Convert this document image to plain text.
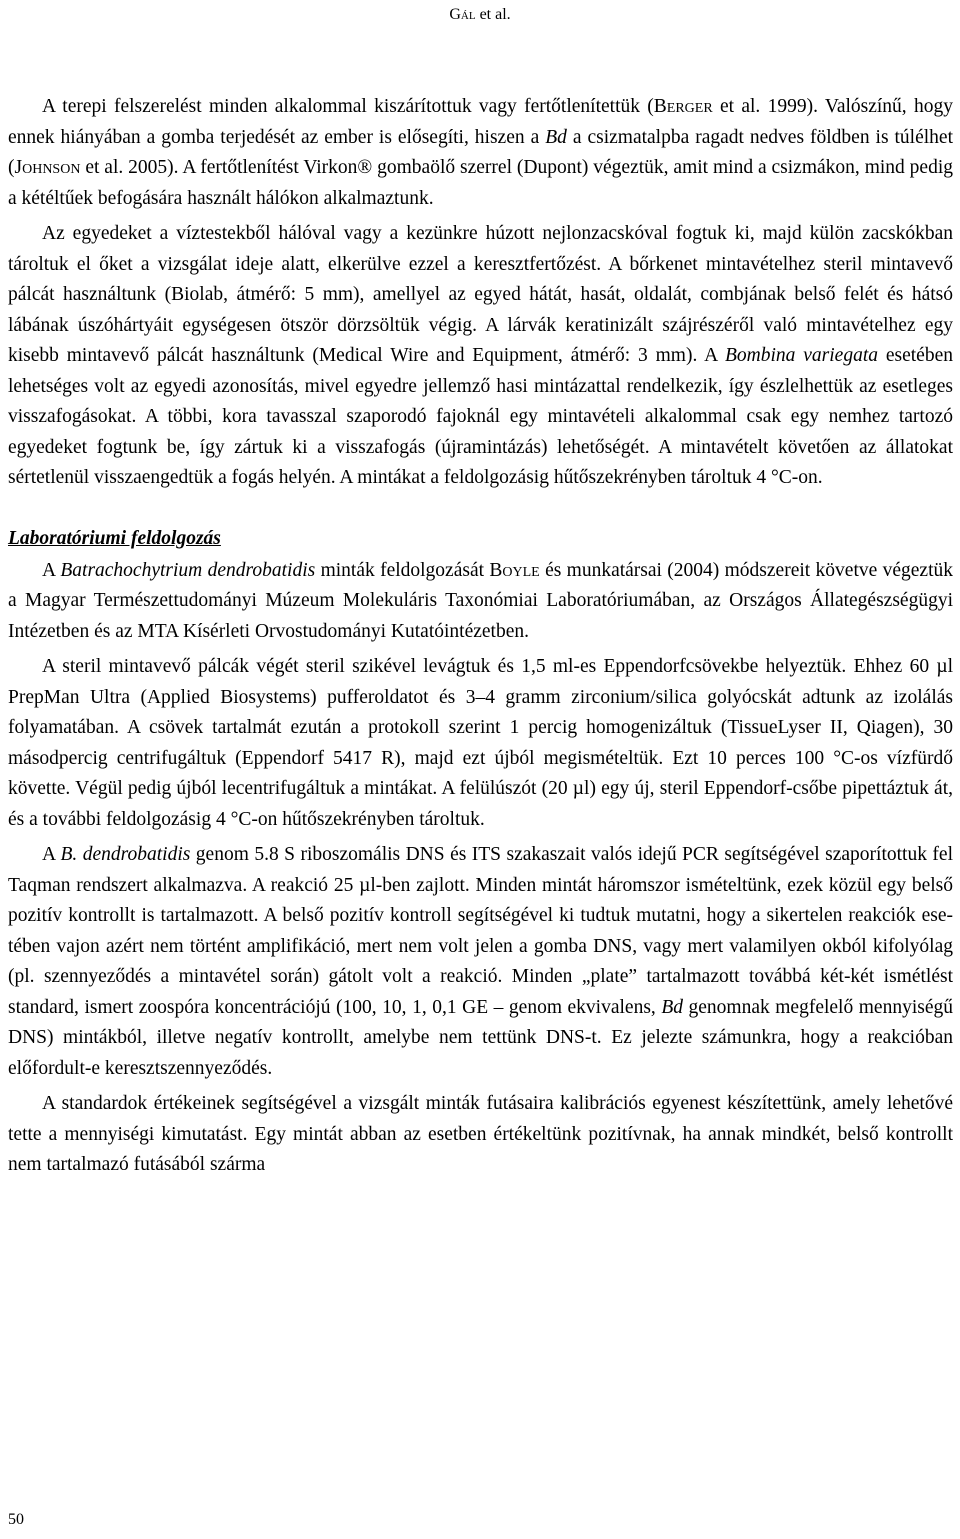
Gál et al.

A terepi felszerelést minden alkalommal kiszárítottuk vagy fertőtlenítettük (Berger et al. 1999). Valószínű, hogy ennek hiányában a gomba terjedését az ember is elősegíti, hiszen a Bd a csizmatalpba ragadt nedves földben is túlélhet (Johnson et al. 2005). A fertőtlenítést Virkon® gombaölő szerrel (Dupont) végeztük, amit mind a csizmákon, mind pedig a kétéltűek befogására használt hálókon alkalmaztunk.

Az egyedeket a víztestekből hálóval vagy a kezünkre húzott nejlonzacskóval fogtuk ki, majd külön zacskókban tároltuk el őket a vizsgálat ideje alatt, elkerülve ezzel a keresztfertőzést. A bőrkenet mintavételhez steril mintavevő pálcát használtunk (Biolab, átmérő: 5 mm), amellyel az egyed hátát, hasát, oldalát, combjának belső felét és hátsó lábának úszóhártyáit egységesen ötször dörzsöltük végig. A lárvák keratinizált szájrészéről való mintavételhez egy kisebb mintavevő pálcát használtunk (Medical Wire and Equipment, átmérő: 3 mm). A Bombina variegata esetében lehetséges volt az egyedi azonosítás, mivel egyedre jellemző hasi mintázattal rendelkezik, így észlelhettük az esetleges visszafogásokat. A többi, kora tavasszal szaporodó fajoknál egy mintavételi alkalommal csak egy nemhez tartozó egyedeket fogtunk be, így zártuk ki a visszafogás (újramintázás) lehetőségét. A mintavételt követően az állatokat sértetlenül visszaengedtük a fogás helyén. A mintákat a feldolgozásig hűtőszekrényben tároltuk 4 °C-on.

Laboratóriumi feldolgozás

A Batrachochytrium dendrobatidis minták feldolgozását Boyle és munkatársai (2004) módszereit követve végeztük a Magyar Természettudományi Múzeum Molekuláris Taxonómiai Laboratóriumában, az Országos Állategészségügyi Intézetben és az MTA Kísérleti Orvostudományi Kutatóintézetben.

A steril mintavevő pálcák végét steril szikével levágtuk és 1,5 ml-es Eppendorfcsövekbe helyeztük. Ehhez 60 µl PrepMan Ultra (Applied Biosystems) pufferoldatot és 3–4 gramm zirconium/silica golyócskát adtunk az izolálás folyamatában. A csövek tartalmát ezután a protokoll szerint 1 percig homogenizáltuk (TissueLyser II, Qiagen), 30 másodpercig centrifugáltuk (Eppendorf 5417 R), majd ezt újból megismételtük. Ezt 10 perces 100 °C-os vízfürdő követte. Végül pedig újból lecentrifugáltuk a mintákat. A felülúszót (20 µl) egy új, steril Eppendorf-csőbe pipettáztuk át, és a további feldolgozásig 4 °C-on hűtőszekrényben tároltuk.

A B. dendrobatidis genom 5.8 S riboszomális DNS és ITS szakaszait valós idejű PCR segítségével szaporítottuk fel Taqman rendszert alkalmazva. A reakció 25 µl-ben zajlott. Minden mintát háromszor ismételtünk, ezek közül egy belső pozitív kontrollt is tartalmazott. A belső pozitív kontroll segítségével ki tudtuk mutatni, hogy a sikertelen reakciók esetében vajon azért nem történt amplifikáció, mert nem volt jelen a gomba DNS, vagy mert valamilyen okból kifolyólag (pl. szennyeződés a mintavétel során) gátolt volt a reakció. Minden „plate” tartalmazott továbbá két-két ismétlést standard, ismert zoospóra koncentrációjú (100, 10, 1, 0,1 GE – genom ekvivalens, Bd genomnak megfelelő mennyiségű DNS) mintákból, illetve negatív kontrollt, amelybe nem tettünk DNS-t. Ez jelezte számunkra, hogy a reakcióban előfordult-e keresztszennyeződés.

A standardok értékeinek segítségével a vizsgált minták futásaira kalibrációs egyenest készítettünk, amely lehetővé tette a mennyiségi kimutatást. Egy mintát abban az esetben értékeltünk pozitívnak, ha annak mindkét, belső kontrollt nem tartalmazó futásából szárma

50
